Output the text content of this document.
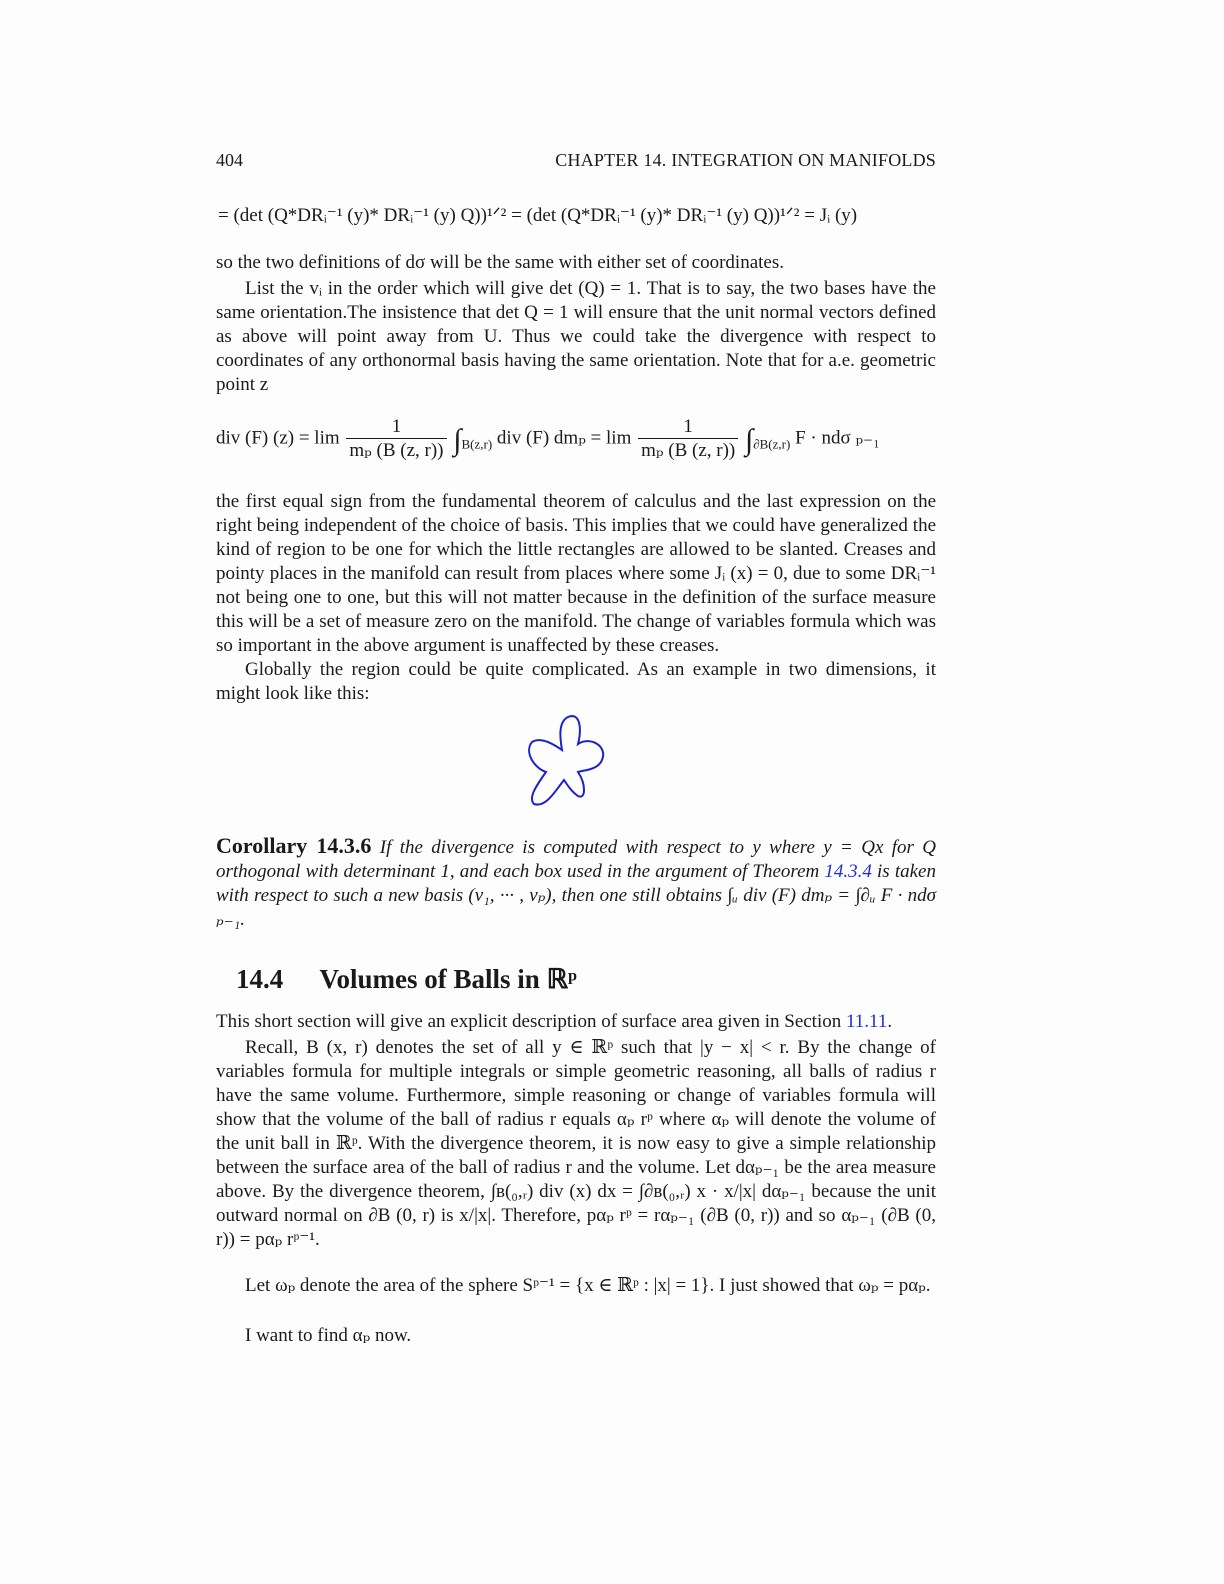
404	CHAPTER 14. INTEGRATION ON MANIFOLDS
= (det (Q*DRᵢ⁻¹ (y)* DRᵢ⁻¹ (y) Q))¹ᐟ² = (det (Q*DRᵢ⁻¹ (y)* DRᵢ⁻¹ (y) Q))¹ᐟ² = Jᵢ (y)
so the two definitions of dσ will be the same with either set of coordinates.
List the vᵢ in the order which will give det (Q) = 1. That is to say, the two bases have the same orientation.The insistence that det Q = 1 will ensure that the unit normal vectors defined as above will point away from U. Thus we could take the divergence with respect to coordinates of any orthonormal basis having the same orientation. Note that for a.e. geometric point z
div (F) $(z) = \lim \frac{1}{\text{mₚ (B (z, r))}} \int_{B(z,r)}$ div (F) $dm_p = \lim \frac{1}{\text{mₚ (B (z, r))}} \int_{\partial B(z,r)}$ F · ndσ ₚ₋₁
the first equal sign from the fundamental theorem of calculus and the last expression on the right being independent of the choice of basis. This implies that we could have generalized the kind of region to be one for which the little rectangles are allowed to be slanted. Creases and pointy places in the manifold can result from places where some Jᵢ (x) = 0, due to some DRᵢ⁻¹ not being one to one, but this will not matter because in the definition of the surface measure this will be a set of measure zero on the manifold. The change of variables formula which was so important in the above argument is unaffected by these creases.
Globally the region could be quite complicated. As an example in two dimensions, it might look like this:
Corollary 14.3.6 If the divergence is computed with respect to y where y = Qx for Q orthogonal with determinant 1, and each box used in the argument of Theorem 14.3.4 is taken with respect to such a new basis (v₁, ··· , vₚ), then one still obtains ∫ᵤ div (F) dmₚ = ∫∂ᵤ F · ndσ ₚ₋₁.
14.4 Volumes of Balls in ℝᵖ
This short section will give an explicit description of surface area given in Section 11.11.
Recall, B (x, r) denotes the set of all y ∈ ℝᵖ such that |y − x| < r. By the change of variables formula for multiple integrals or simple geometric reasoning, all balls of radius r have the same volume. Furthermore, simple reasoning or change of variables formula will show that the volume of the ball of radius r equals αₚ rᵖ where αₚ will denote the volume of the unit ball in ℝᵖ. With the divergence theorem, it is now easy to give a simple relationship between the surface area of the ball of radius r and the volume. Let dαₚ₋₁ be the area measure above. By the divergence theorem, ∫ʙ(₀,ᵣ) div (x) dx = ∫∂ʙ(₀,ᵣ) x · x/|x| dαₚ₋₁ because the unit outward normal on ∂B (0, r) is x/|x|. Therefore, pαₚ rᵖ = rαₚ₋₁ (∂B (0, r)) and so αₚ₋₁ (∂B (0, r)) = pαₚ rᵖ⁻¹.
Let ωₚ denote the area of the sphere Sᵖ⁻¹ = {x ∈ ℝᵖ : |x| = 1}. I just showed that ωₚ = pαₚ.
I want to find αₚ now.
